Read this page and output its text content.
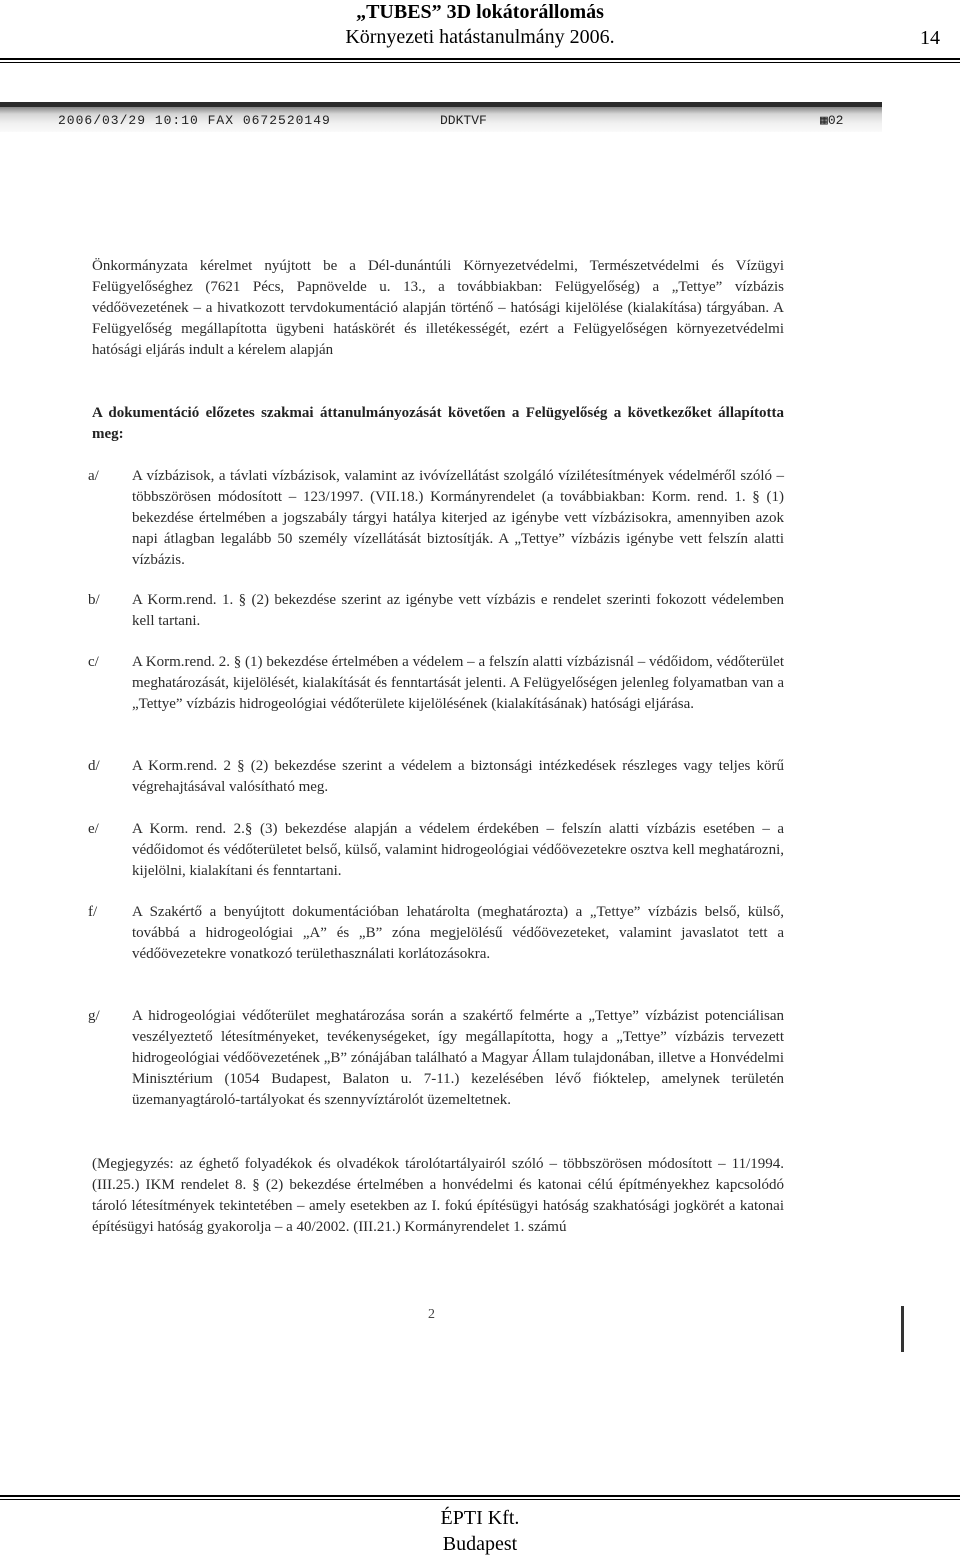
„TUBES” 3D lokátorállomás
Környezeti hatástanulmány 2006.	14
2006/03/29 10:10 FAX 0672520149	DDKTVF	▦02
Önkormányzata kérelmet nyújtott be a Dél-dunántúli Környezetvédelmi, Természetvédelmi és Vízügyi Felügyelőséghez (7621 Pécs, Papnövelde u. 13., a továbbiakban: Felügyelőség) a „Tettye” vízbázis védőövezetének – a hivatkozott tervdokumentáció alapján történő – hatósági kijelölése (kialakítása) tárgyában. A Felügyelőség megállapította ügybeni hatáskörét és illetékességét, ezért a Felügyelőségen környezetvédelmi hatósági eljárás indult a kérelem alapján
A dokumentáció előzetes szakmai áttanulmányozását követően a Felügyelőség a következőket állapította meg:
a/ A vízbázisok, a távlati vízbázisok, valamint az ivóvízellátást szolgáló vízilétesítmények védelméről szóló – többszörösen módosított – 123/1997. (VII.18.) Kormányrendelet (a továbbiakban: Korm. rend. 1. § (1) bekezdése értelmében a jogszabály tárgyi hatálya kiterjed az igénybe vett vízbázisokra, amennyiben azok napi átlagban legalább 50 személy vízellátását biztosítják. A „Tettye” vízbázis igénybe vett felszín alatti vízbázis.
b/ A Korm.rend. 1. § (2) bekezdése szerint az igénybe vett vízbázis e rendelet szerinti fokozott védelemben kell tartani.
c/ A Korm.rend. 2. § (1) bekezdése értelmében a védelem – a felszín alatti vízbázisnál – védőidom, védőterület meghatározását, kijelölését, kialakítását és fenntartását jelenti. A Felügyelőségen jelenleg folyamatban van a „Tettye” vízbázis hidrogeológiai védőterülete kijelölésének (kialakításának) hatósági eljárása.
d/ A Korm.rend. 2 § (2) bekezdése szerint a védelem a biztonsági intézkedések részleges vagy teljes körű végrehajtásával valósítható meg.
e/ A Korm. rend. 2.§ (3) bekezdése alapján a védelem érdekében – felszín alatti vízbázis esetében – a védőidomot és védőterületet belső, külső, valamint hidrogeológiai védőövezetekre osztva kell meghatározni, kijelölni, kialakítani és fenntartani.
f/ A Szakértő a benyújtott dokumentációban lehatárolta (meghatározta) a „Tettye” vízbázis belső, külső, továbbá a hidrogeológiai „A” és „B” zóna megjelölésű védőövezeteket, valamint javaslatot tett a védőövezetekre vonatkozó területhasználati korlátozásokra.
g/ A hidrogeológiai védőterület meghatározása során a szakértő felmérte a „Tettye” vízbázist potenciálisan veszélyeztető létesítményeket, tevékenységeket, így megállapította, hogy a „Tettye” vízbázis tervezett hidrogeológiai védőövezetének „B” zónájában található a Magyar Állam tulajdonában, illetve a Honvédelmi Minisztérium (1054 Budapest, Balaton u. 7-11.) kezelésében lévő fióktelep, amelynek területén üzemanyagtároló-tartályokat és szennyvíztárolót üzemeltetnek.
(Megjegyzés: az éghető folyadékok és olvadékok tárolótartályairól szóló – többszörösen módosított – 11/1994. (III.25.) IKM rendelet 8. § (2) bekezdése értelmében a honvédelmi és katonai célú építményekhez kapcsolódó tároló létesítmények tekintetében – amely esetekben az I. fokú építésügyi hatóság szakhatósági jogkörét a katonai építésügyi hatóság gyakorolja – a 40/2002. (III.21.) Kormányrendelet 1. számú
2
ÉPTI Kft.
Budapest
